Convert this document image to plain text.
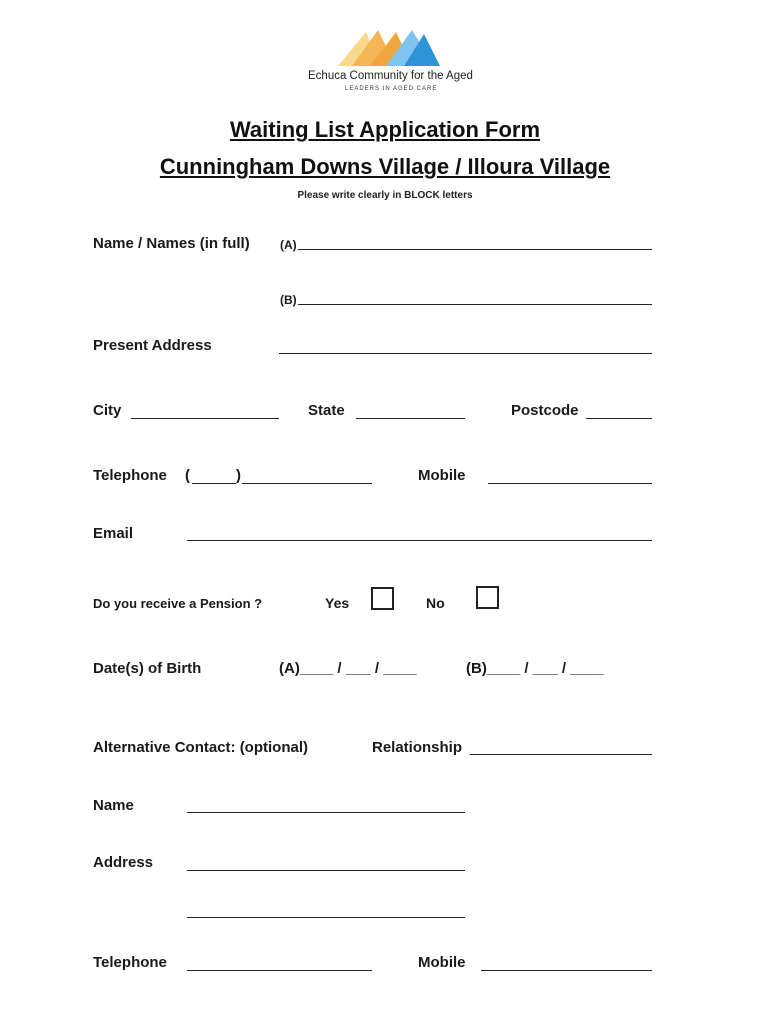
Echuca Community for the Aged
LEADERS IN AGED CARE
Waiting List Application Form
Cunningham Downs Village / Illoura Village
Please write clearly in BLOCK letters
Name / Names (in full)	(A)
(B)
Present Address
City	State	Postcode
Telephone (	)	Mobile
Email
Do you receive a Pension ?	Yes	No
Date(s) of Birth	(A)____ / ___ / ____	(B)____ / ___ / ____
Alternative Contact: (optional)	Relationship
Name
Address
Telephone	Mobile
